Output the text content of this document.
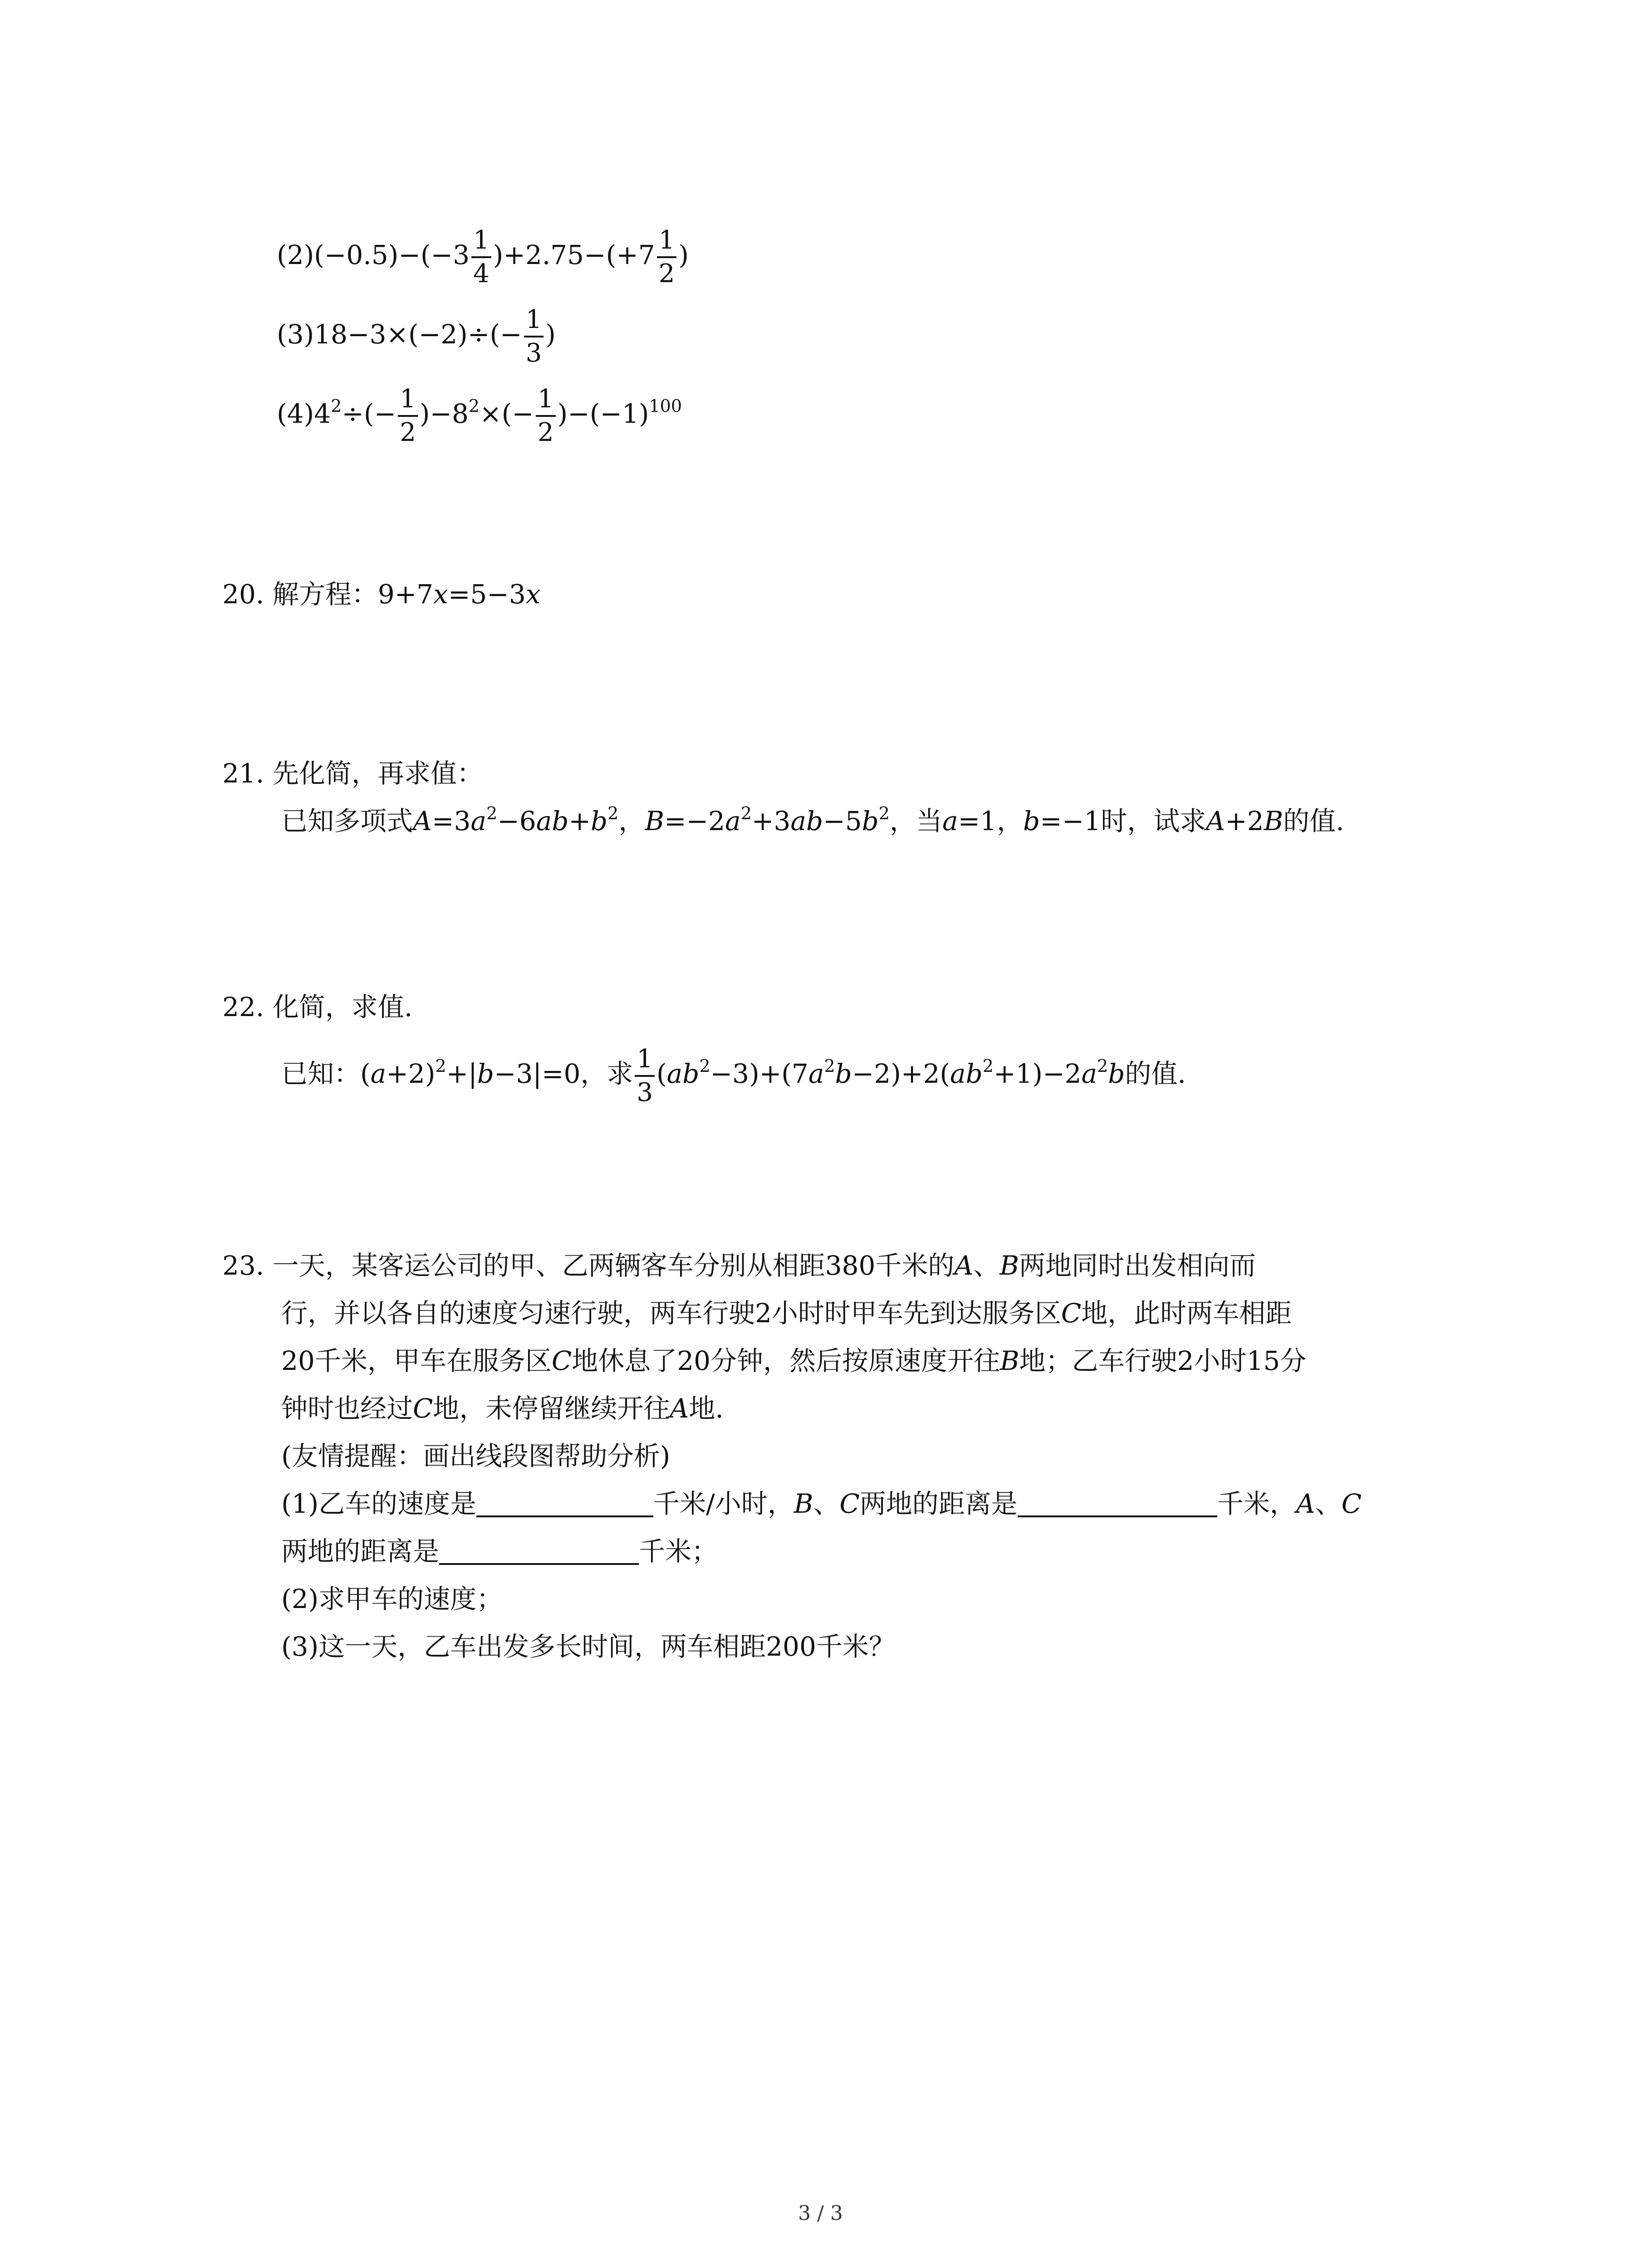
$(2)(-0.5)-(-3 \frac{1}{4} )+2.75-(+7 \frac{1}{2}$ )
$(3)18-3\times(-2)\div(- \frac{1}{3}$ )
$(4)4^2\div(- \frac{1}{2} )-8^2\times(- \frac{1}{2} )-(-1)^{100}$
20. 解方程：9+7x=5−3x
21. 先化简，再求值：
已知多项式$A=3a^2-6ab+b^2$，$B=-2a^2+3ab-5b^2$，当a=1，b=−1时，试求A+2B的值.
22. 化简，求值.
已知：$(a+2)^2+|b-3|=0$，求 $\frac{1}{3} (ab^2-3)+(7a^2b-2)+2(ab^2+1)-2a^2b$的值.
23. 一天，某客运公司的甲、乙两辆客车分别从相距380千米的A、B两地同时出发相向而
行，并以各自的速度匀速行驶，两车行驶2小时时甲车先到达服务区C地，此时两车相距
20千米，甲车在服务区C地休息了20分钟，然后按原速度开往B地；乙车行驶2小时15分
钟时也经过C地，未停留继续开往A地.
(友情提醒：画出线段图帮助分析)
(1)乙车的速度是	千米/小时，B、C两地的距离是	千米，A、C
两地的距离是	千米；
(2)求甲车的速度；
(3)这一天，乙车出发多长时间，两车相距200千米？
3 / 3
